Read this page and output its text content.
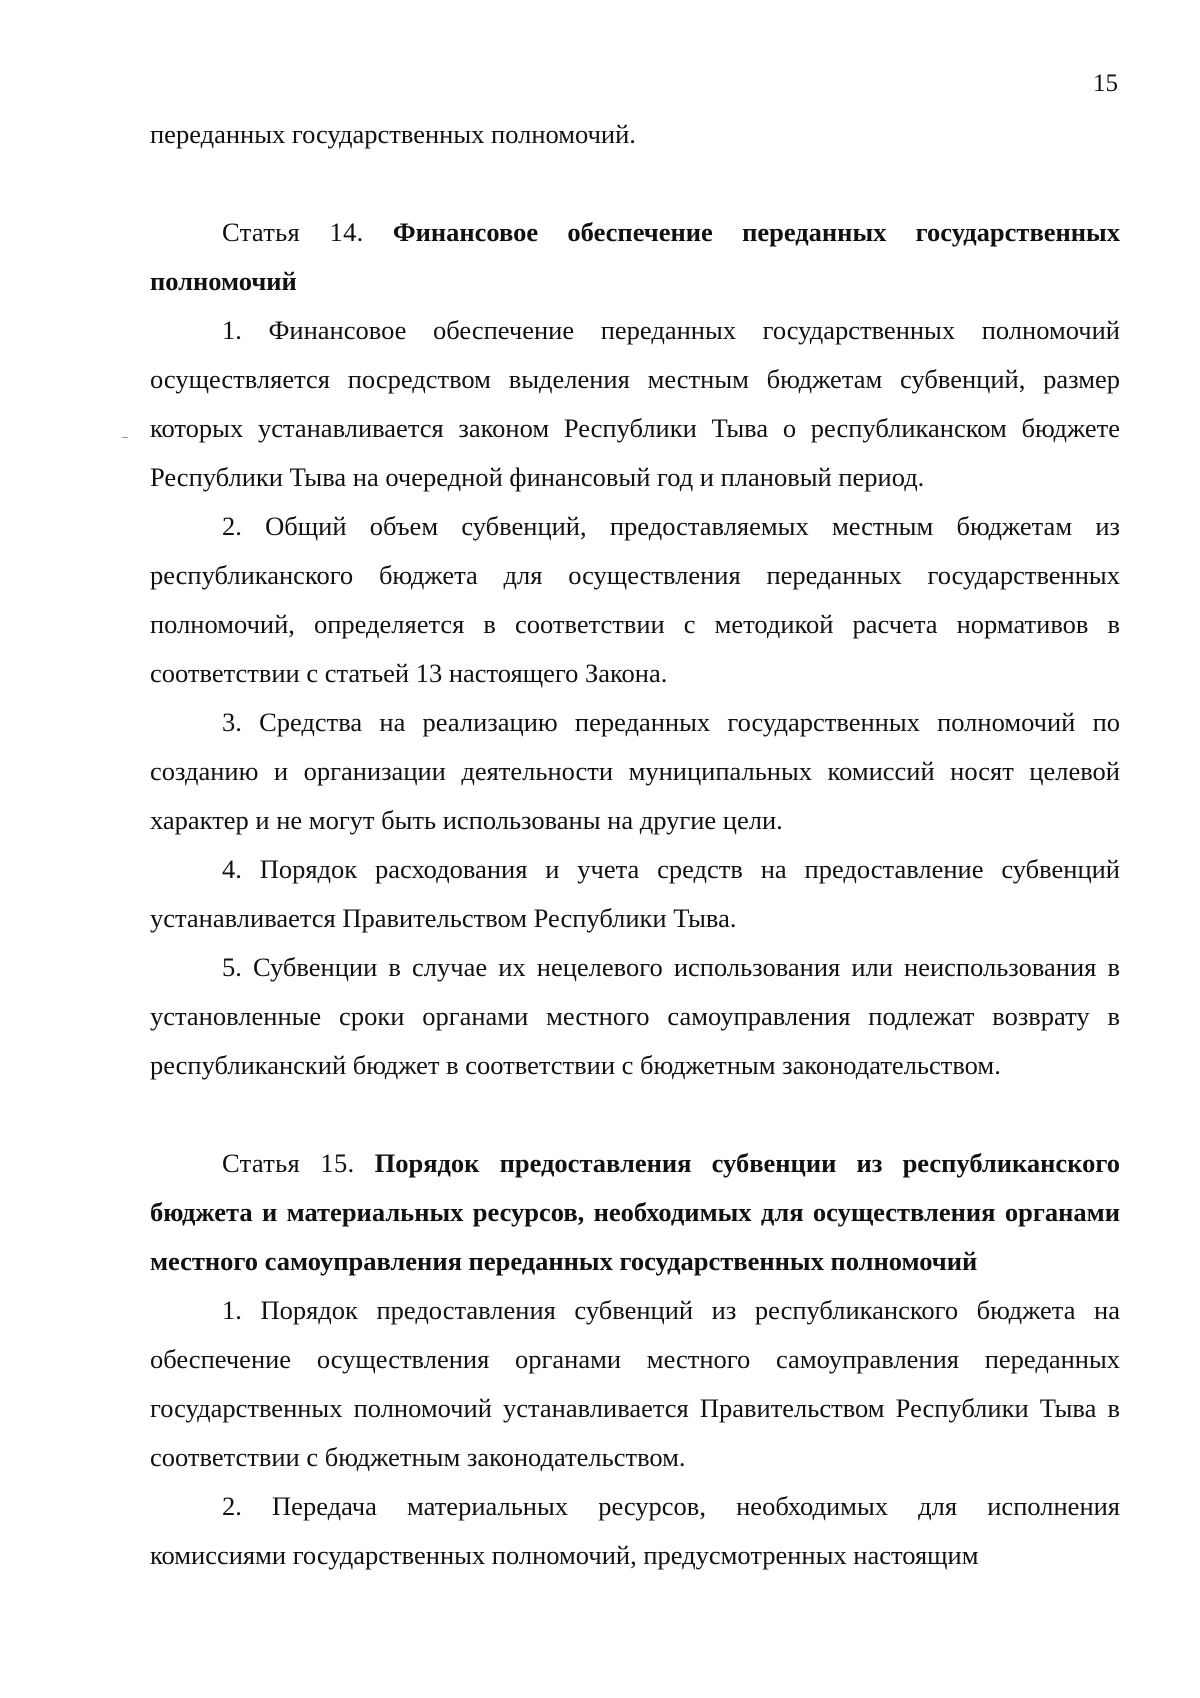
15

переданных государственных полномочий.

Статья 14. Финансовое обеспечение переданных государственных полномочий

1. Финансовое обеспечение переданных государственных полномочий осуществляется посредством выделения местным бюджетам субвенций, размер которых устанавливается законом Республики Тыва о республиканском бюджете Республики Тыва на очередной финансовый год и плановый период.

2. Общий объем субвенций, предоставляемых местным бюджетам из республиканского бюджета для осуществления переданных государственных полномочий, определяется в соответствии с методикой расчета нормативов в соответствии с статьей 13 настоящего Закона.

3. Средства на реализацию переданных государственных полномочий по созданию и организации деятельности муниципальных комиссий носят целевой характер и не могут быть использованы на другие цели.

4. Порядок расходования и учета средств на предоставление субвенций устанавливается Правительством Республики Тыва.

5. Субвенции в случае их нецелевого использования или неиспользования в установленные сроки органами местного самоуправления подлежат возврату в республиканский бюджет в соответствии с бюджетным законодательством.

Статья 15. Порядок предоставления субвенции из республиканского бюджета и материальных ресурсов, необходимых для осуществления органами местного самоуправления переданных государственных полномочий

1. Порядок предоставления субвенций из республиканского бюджета на обеспечение осуществления органами местного самоуправления переданных государственных полномочий устанавливается Правительством Республики Тыва в соответствии с бюджетным законодательством.

2. Передача материальных ресурсов, необходимых для исполнения комиссиями государственных полномочий, предусмотренных настоящим
